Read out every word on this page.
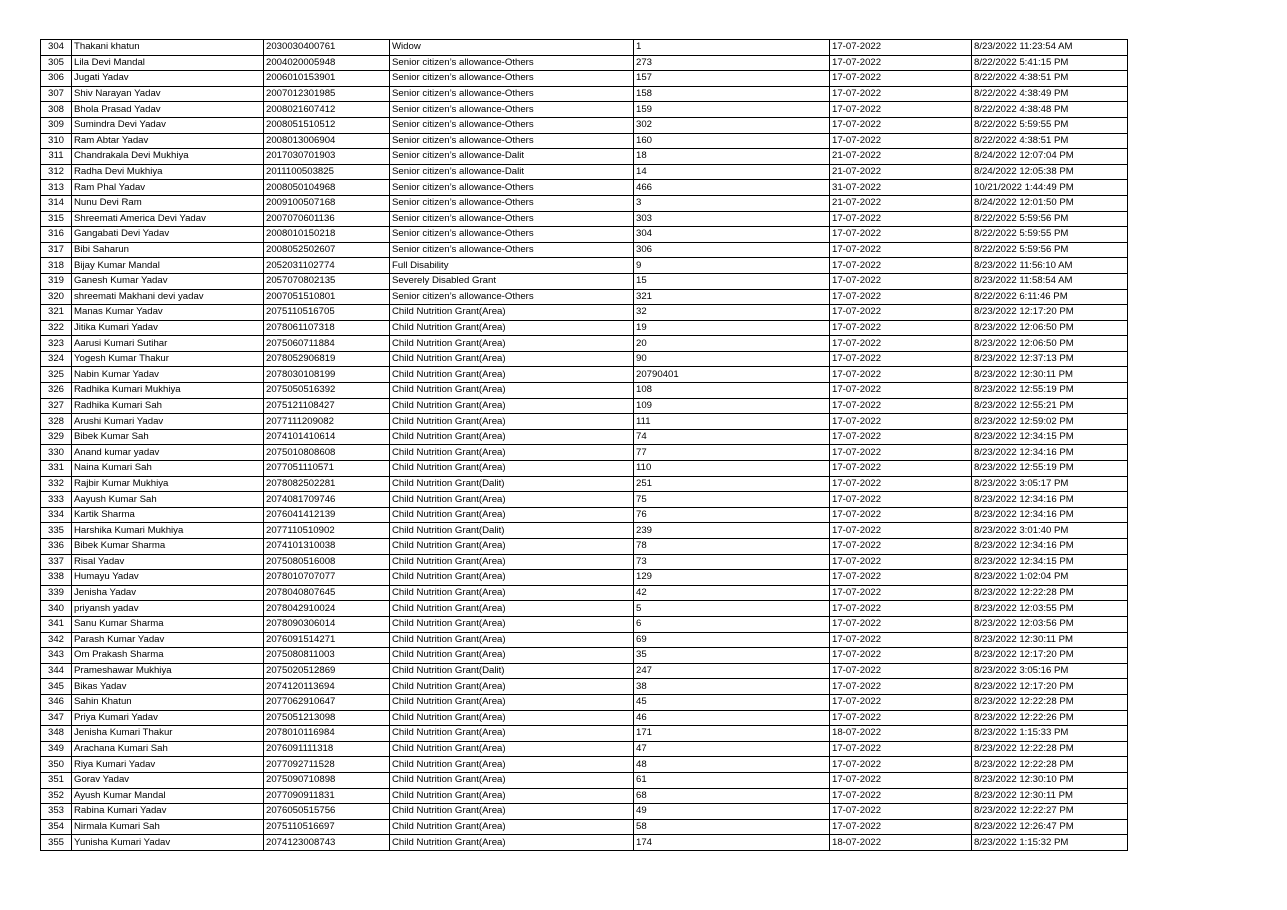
304	Thakani khatun	2030030400761	Widow	1	17-07-2022	8/23/2022 11:23:54 AM
305	Lila Devi Mandal	2004020005948	Senior citizen’s allowance-Others	273	17-07-2022	8/22/2022 5:41:15 PM
306	Jugati Yadav	2006010153901	Senior citizen’s allowance-Others	157	17-07-2022	8/22/2022 4:38:51 PM
307	Shiv Narayan Yadav	2007012301985	Senior citizen’s allowance-Others	158	17-07-2022	8/22/2022 4:38:49 PM
308	Bhola Prasad Yadav	2008021607412	Senior citizen’s allowance-Others	159	17-07-2022	8/22/2022 4:38:48 PM
309	Sumindra Devi Yadav	2008051510512	Senior citizen’s allowance-Others	302	17-07-2022	8/22/2022 5:59:55 PM
310	Ram Abtar Yadav	2008013006904	Senior citizen’s allowance-Others	160	17-07-2022	8/22/2022 4:38:51 PM
311	Chandrakala Devi Mukhiya	2017030701903	Senior citizen’s allowance-Dalit	18	21-07-2022	8/24/2022 12:07:04 PM
312	Radha Devi Mukhiya	2011100503825	Senior citizen’s allowance-Dalit	14	21-07-2022	8/24/2022 12:05:38 PM
313	Ram Phal Yadav	2008050104968	Senior citizen’s allowance-Others	466	31-07-2022	10/21/2022 1:44:49 PM
314	Nunu Devi Ram	2009100507168	Senior citizen’s allowance-Others	3	21-07-2022	8/24/2022 12:01:50 PM
315	Shreemati America Devi Yadav	2007070601136	Senior citizen’s allowance-Others	303	17-07-2022	8/22/2022 5:59:56 PM
316	Gangabati Devi Yadav	2008010150218	Senior citizen’s allowance-Others	304	17-07-2022	8/22/2022 5:59:55 PM
317	Bibi Saharun	2008052502607	Senior citizen’s allowance-Others	306	17-07-2022	8/22/2022 5:59:56 PM
318	Bijay Kumar Mandal	2052031102774	Full Disability	9	17-07-2022	8/23/2022 11:56:10 AM
319	Ganesh Kumar Yadav	2057070802135	Severely Disabled Grant	15	17-07-2022	8/23/2022 11:58:54 AM
320	shreemati Makhani devi yadav	2007051510801	Senior citizen’s allowance-Others	321	17-07-2022	8/22/2022 6:11:46 PM
321	Manas Kumar Yadav	2075110516705	Child Nutrition Grant(Area)	32	17-07-2022	8/23/2022 12:17:20 PM
322	Jitika Kumari Yadav	2078061107318	Child Nutrition Grant(Area)	19	17-07-2022	8/23/2022 12:06:50 PM
323	Aarusi Kumari Sutihar	2075060711884	Child Nutrition Grant(Area)	20	17-07-2022	8/23/2022 12:06:50 PM
324	Yogesh Kumar Thakur	2078052906819	Child Nutrition Grant(Area)	90	17-07-2022	8/23/2022 12:37:13 PM
325	Nabin Kumar Yadav	2078030108199	Child Nutrition Grant(Area)	20790401	17-07-2022	8/23/2022 12:30:11 PM
326	Radhika Kumari Mukhiya	2075050516392	Child Nutrition Grant(Area)	108	17-07-2022	8/23/2022 12:55:19 PM
327	Radhika Kumari Sah	2075121108427	Child Nutrition Grant(Area)	109	17-07-2022	8/23/2022 12:55:21 PM
328	Arushi Kumari Yadav	2077111209082	Child Nutrition Grant(Area)	111	17-07-2022	8/23/2022 12:59:02 PM
329	Bibek Kumar Sah	2074101410614	Child Nutrition Grant(Area)	74	17-07-2022	8/23/2022 12:34:15 PM
330	Anand kumar yadav	2075010808608	Child Nutrition Grant(Area)	77	17-07-2022	8/23/2022 12:34:16 PM
331	Naina Kumari Sah	2077051110571	Child Nutrition Grant(Area)	110	17-07-2022	8/23/2022 12:55:19 PM
332	Rajbir Kumar Mukhiya	2078082502281	Child Nutrition Grant(Dalit)	251	17-07-2022	8/23/2022 3:05:17 PM
333	Aayush Kumar Sah	2074081709746	Child Nutrition Grant(Area)	75	17-07-2022	8/23/2022 12:34:16 PM
334	Kartik Sharma	2076041412139	Child Nutrition Grant(Area)	76	17-07-2022	8/23/2022 12:34:16 PM
335	Harshika Kumari Mukhiya	2077110510902	Child Nutrition Grant(Dalit)	239	17-07-2022	8/23/2022 3:01:40 PM
336	Bibek Kumar Sharma	2074101310038	Child Nutrition Grant(Area)	78	17-07-2022	8/23/2022 12:34:16 PM
337	Risal Yadav	2075080516008	Child Nutrition Grant(Area)	73	17-07-2022	8/23/2022 12:34:15 PM
338	Humayu Yadav	2078010707077	Child Nutrition Grant(Area)	129	17-07-2022	8/23/2022 1:02:04 PM
339	Jenisha Yadav	2078040807645	Child Nutrition Grant(Area)	42	17-07-2022	8/23/2022 12:22:28 PM
340	priyansh yadav	2078042910024	Child Nutrition Grant(Area)	5	17-07-2022	8/23/2022 12:03:55 PM
341	Sanu Kumar Sharma	2078090306014	Child Nutrition Grant(Area)	6	17-07-2022	8/23/2022 12:03:56 PM
342	Parash Kumar Yadav	2076091514271	Child Nutrition Grant(Area)	69	17-07-2022	8/23/2022 12:30:11 PM
343	Om Prakash Sharma	2075080811003	Child Nutrition Grant(Area)	35	17-07-2022	8/23/2022 12:17:20 PM
344	Prameshawar Mukhiya	2075020512869	Child Nutrition Grant(Dalit)	247	17-07-2022	8/23/2022 3:05:16 PM
345	Bikas Yadav	2074120113694	Child Nutrition Grant(Area)	38	17-07-2022	8/23/2022 12:17:20 PM
346	Sahin Khatun	2077062910647	Child Nutrition Grant(Area)	45	17-07-2022	8/23/2022 12:22:28 PM
347	Priya Kumari Yadav	2075051213098	Child Nutrition Grant(Area)	46	17-07-2022	8/23/2022 12:22:26 PM
348	Jenisha Kumari Thakur	2078010116984	Child Nutrition Grant(Area)	171	18-07-2022	8/23/2022 1:15:33 PM
349	Arachana Kumari Sah	2076091111318	Child Nutrition Grant(Area)	47	17-07-2022	8/23/2022 12:22:28 PM
350	Riya Kumari Yadav	2077092711528	Child Nutrition Grant(Area)	48	17-07-2022	8/23/2022 12:22:28 PM
351	Gorav Yadav	2075090710898	Child Nutrition Grant(Area)	61	17-07-2022	8/23/2022 12:30:10 PM
352	Ayush Kumar Mandal	2077090911831	Child Nutrition Grant(Area)	68	17-07-2022	8/23/2022 12:30:11 PM
353	Rabina Kumari Yadav	2076050515756	Child Nutrition Grant(Area)	49	17-07-2022	8/23/2022 12:22:27 PM
354	Nirmala Kumari Sah	2075110516697	Child Nutrition Grant(Area)	58	17-07-2022	8/23/2022 12:26:47 PM
355	Yunisha Kumari Yadav	2074123008743	Child Nutrition Grant(Area)	174	18-07-2022	8/23/2022 1:15:32 PM
